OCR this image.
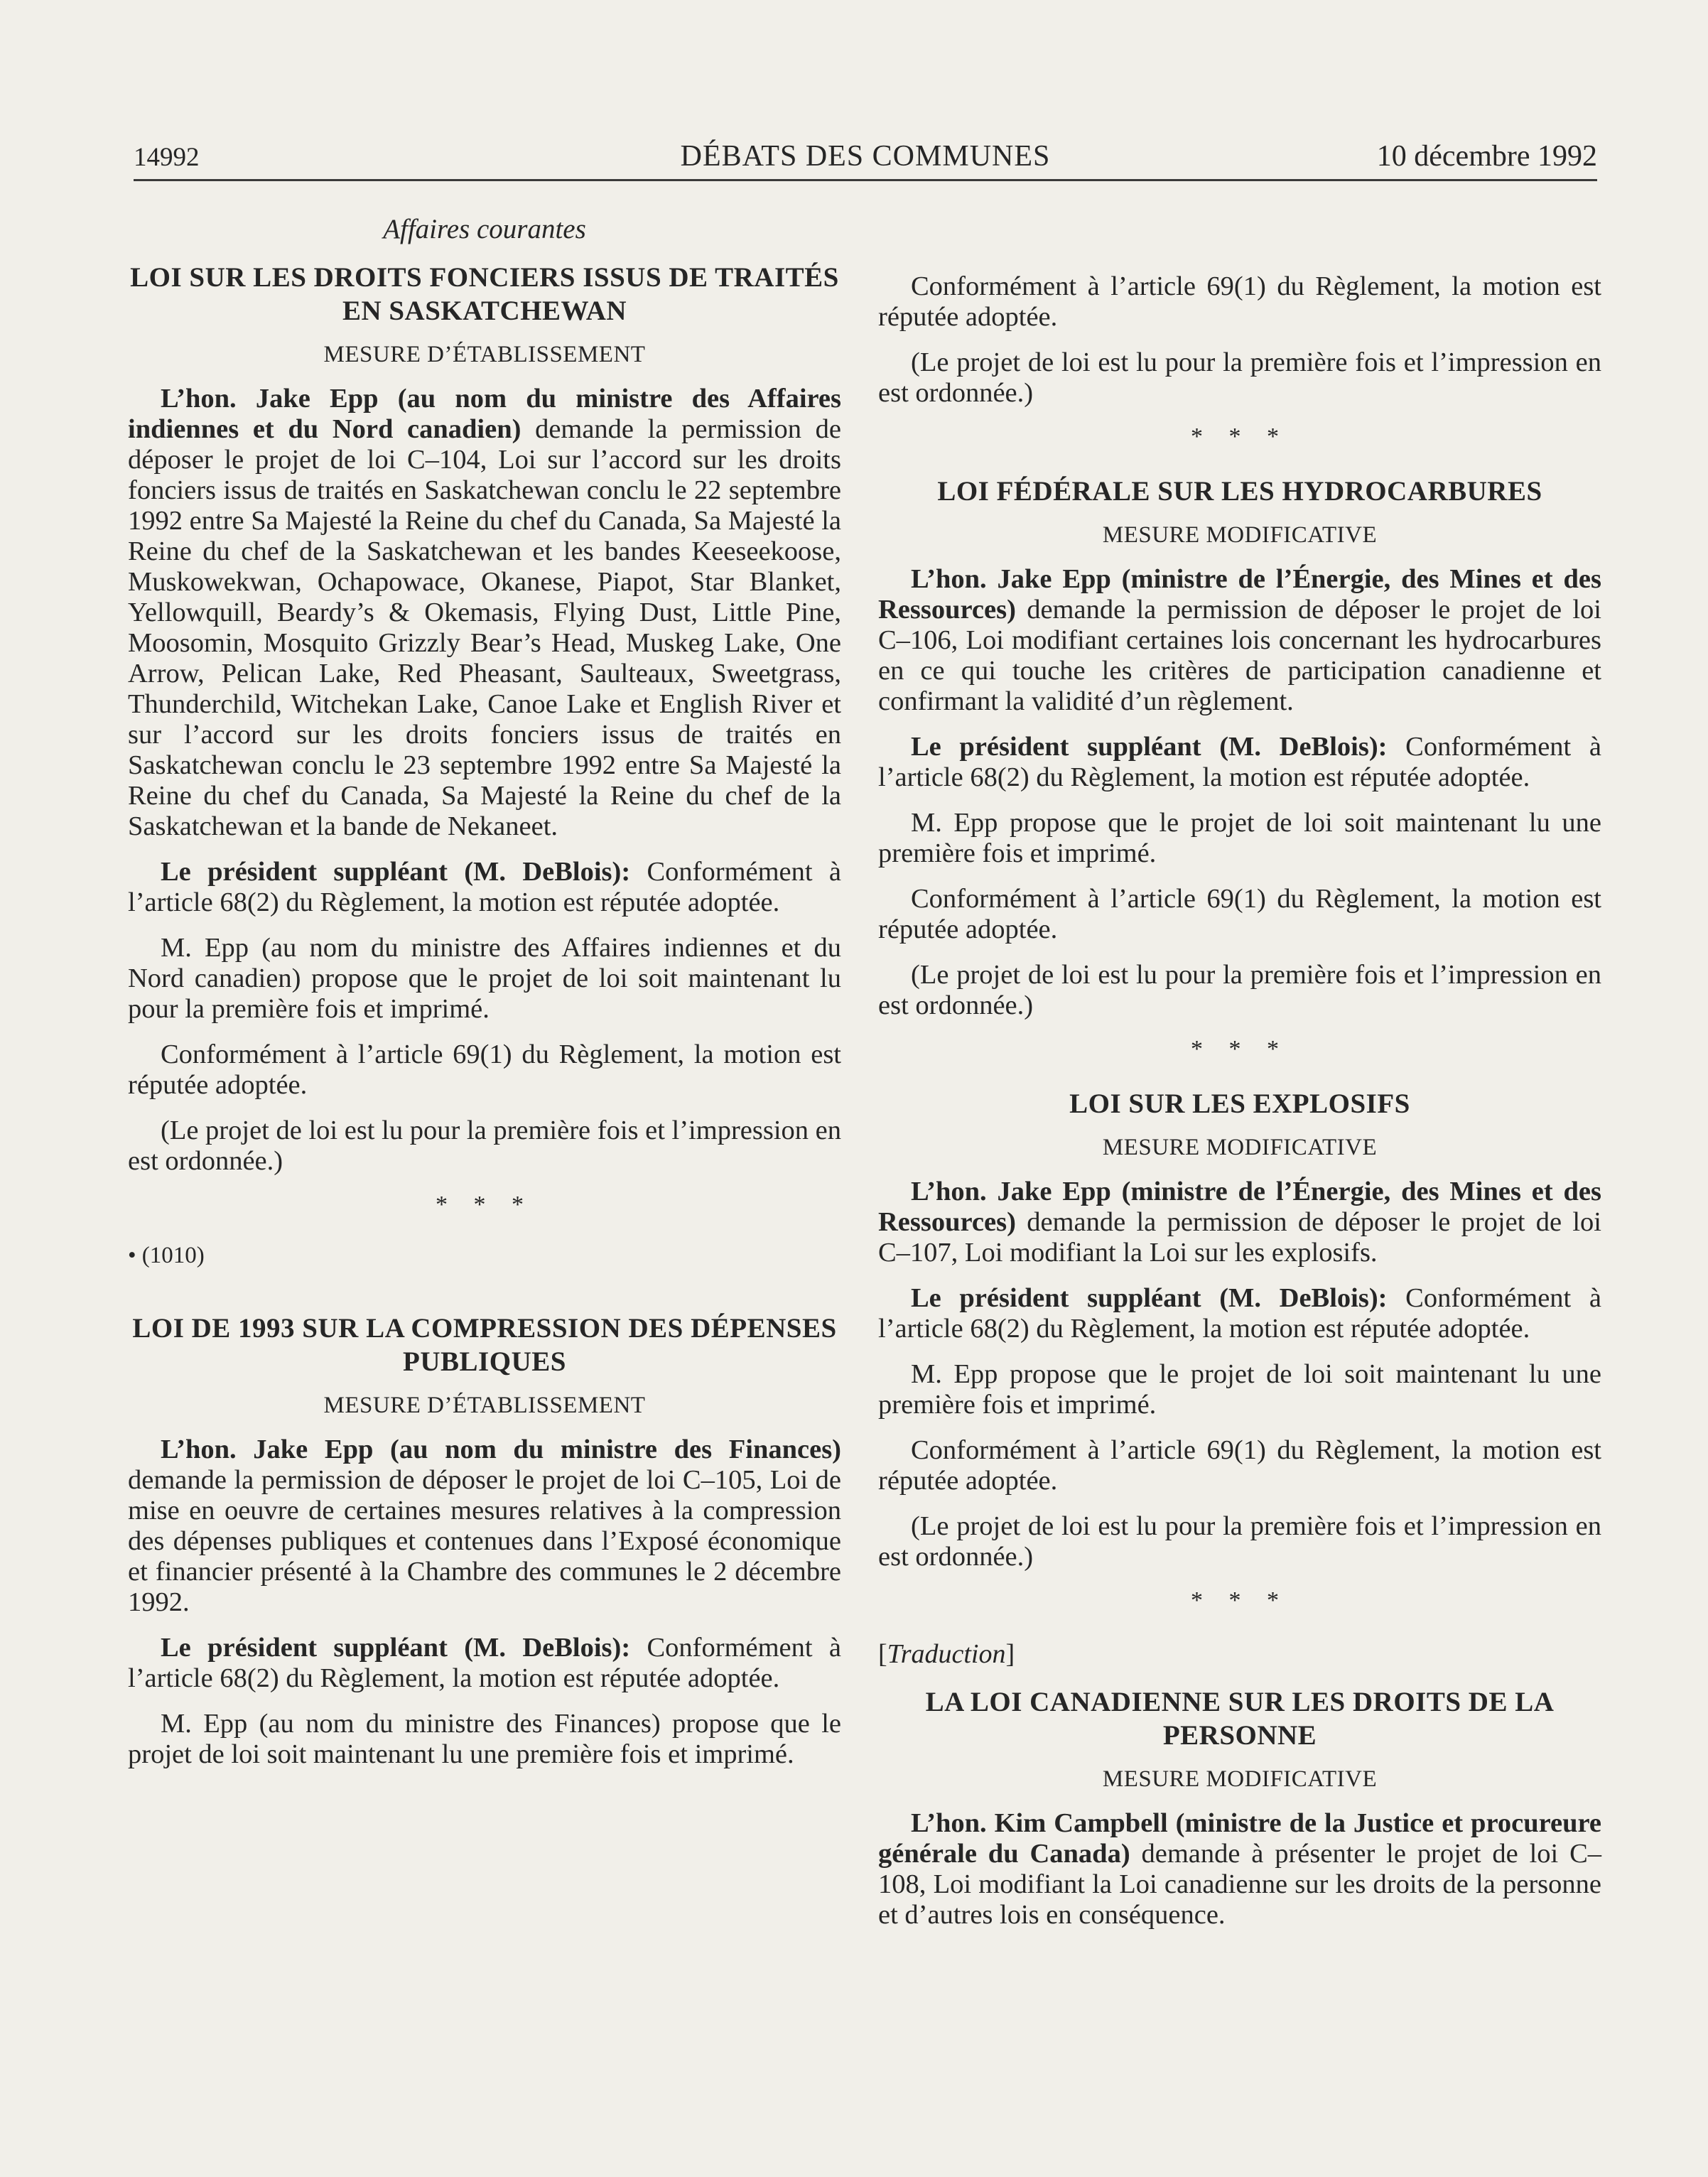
14992	DÉBATS DES COMMUNES	10 décembre 1992
Affaires courantes
LOI SUR LES DROITS FONCIERS ISSUS DE TRAITÉS EN SASKATCHEWAN
MESURE D’ÉTABLISSEMENT

L’hon. Jake Epp (au nom du ministre des Affaires indiennes et du Nord canadien) demande la permission de déposer le projet de loi C–104, Loi sur l’accord sur les droits fonciers issus de traités en Saskatchewan conclu le 22 septembre 1992 entre Sa Majesté la Reine du chef du Canada, Sa Majesté la Reine du chef de la Saskatchewan et les bandes Keeseekoose, Muskowekwan, Ochapowace, Okanese, Piapot, Star Blanket, Yellowquill, Beardy’s & Okemasis, Flying Dust, Little Pine, Moosomin, Mosquito Grizzly Bear’s Head, Muskeg Lake, One Arrow, Pelican Lake, Red Pheasant, Saulteaux, Sweetgrass, Thunderchild, Witchekan Lake, Canoe Lake et English River et sur l’accord sur les droits fonciers issus de traités en Saskatchewan conclu le 23 septembre 1992 entre Sa Majesté la Reine du chef du Canada, Sa Majesté la Reine du chef de la Saskatchewan et la bande de Nekaneet.

Le président suppléant (M. DeBlois): Conformément à l’article 68(2) du Règlement, la motion est réputée adoptée.

M. Epp (au nom du ministre des Affaires indiennes et du Nord canadien) propose que le projet de loi soit maintenant lu pour la première fois et imprimé.

Conformément à l’article 69(1) du Règlement, la motion est réputée adoptée.

(Le projet de loi est lu pour la première fois et l’impression en est ordonnée.)

* * *
• (1010)
LOI DE 1993 SUR LA COMPRESSION DES DÉPENSES PUBLIQUES
MESURE D’ÉTABLISSEMENT

L’hon. Jake Epp (au nom du ministre des Finances) demande la permission de déposer le projet de loi C–105, Loi de mise en oeuvre de certaines mesures relatives à la compression des dépenses publiques et contenues dans l’Exposé économique et financier présenté à la Chambre des communes le 2 décembre 1992.

Le président suppléant (M. DeBlois): Conformément à l’article 68(2) du Règlement, la motion est réputée adoptée.

M. Epp (au nom du ministre des Finances) propose que le projet de loi soit maintenant lu une première fois et imprimé.

Conformément à l’article 69(1) du Règlement, la motion est réputée adoptée.

(Le projet de loi est lu pour la première fois et l’impression en est ordonnée.)

* * *
LOI FÉDÉRALE SUR LES HYDROCARBURES
MESURE MODIFICATIVE

L’hon. Jake Epp (ministre de l’Énergie, des Mines et des Ressources) demande la permission de déposer le projet de loi C–106, Loi modifiant certaines lois concernant les hydrocarbures en ce qui touche les critères de participation canadienne et confirmant la validité d’un règlement.

Le président suppléant (M. DeBlois): Conformément à l’article 68(2) du Règlement, la motion est réputée adoptée.

M. Epp propose que le projet de loi soit maintenant lu une première fois et imprimé.

Conformément à l’article 69(1) du Règlement, la motion est réputée adoptée.

(Le projet de loi est lu pour la première fois et l’impression en est ordonnée.)

* * *
LOI SUR LES EXPLOSIFS
MESURE MODIFICATIVE

L’hon. Jake Epp (ministre de l’Énergie, des Mines et des Ressources) demande la permission de déposer le projet de loi C–107, Loi modifiant la Loi sur les explosifs.

Le président suppléant (M. DeBlois): Conformément à l’article 68(2) du Règlement, la motion est réputée adoptée.

M. Epp propose que le projet de loi soit maintenant lu une première fois et imprimé.

Conformément à l’article 69(1) du Règlement, la motion est réputée adoptée.

(Le projet de loi est lu pour la première fois et l’impression en est ordonnée.)

* * *
[Traduction]
LA LOI CANADIENNE SUR LES DROITS DE LA PERSONNE
MESURE MODIFICATIVE

L’hon. Kim Campbell (ministre de la Justice et procureure générale du Canada) demande à présenter le projet de loi C–108, Loi modifiant la Loi canadienne sur les droits de la personne et d’autres lois en conséquence.
